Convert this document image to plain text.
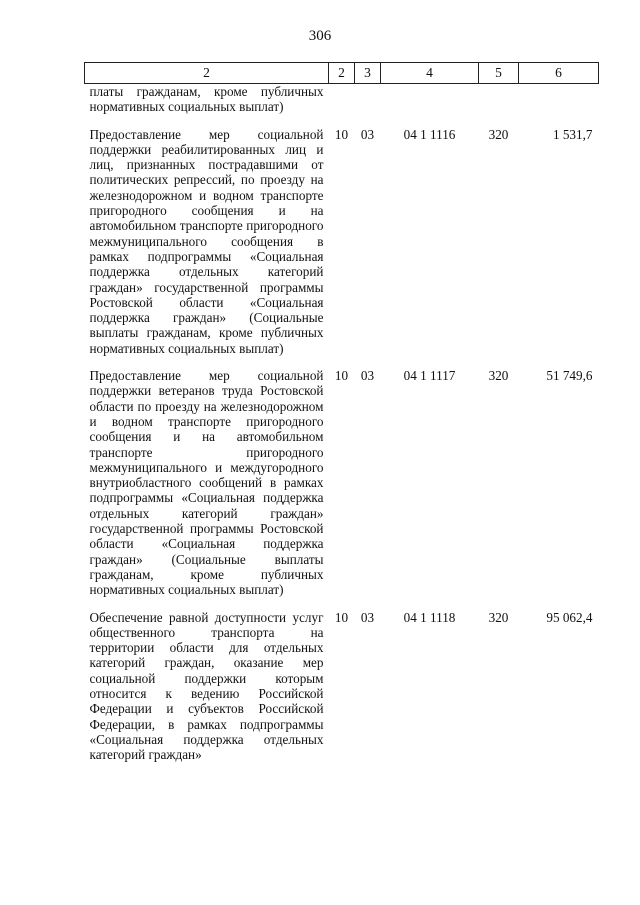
306
2	2	3	4	5	6
платы гражданам, кроме публичных нормативных социальных выплат)					
Предоставление мер социальной поддержки реабилитированных лиц и лиц, признанных пострадавшими от политических репрессий, по проезду на железнодорожном и водном транспорте пригородного сообщения и на автомобильном транспорте пригородного межмуниципального сообщения в рамках подпрограммы «Социальная поддержка отдельных категорий граждан» государственной программы Ростовской области «Социальная поддержка граждан» (Социальные выплаты гражданам, кроме публичных нормативных социальных выплат)	10	03	04 1 1116	320	1 531,7
Предоставление мер социальной поддержки ветеранов труда Ростовской области по проезду на железнодорожном и водном транспорте пригородного сообщения и на автомобильном транспорте пригородного межмуниципального и междугородного внутриобластного сообщений в рамках подпрограммы «Социальная поддержка отдельных категорий граждан» государственной программы Ростовской области «Социальная поддержка граждан» (Социальные выплаты гражданам, кроме публичных нормативных социальных выплат)	10	03	04 1 1117	320	51 749,6
Обеспечение равной доступности услуг общественного транспорта на территории области для отдельных категорий граждан, оказание мер социальной поддержки которым относится к ведению Российской Федерации и субъектов Российской Федерации, в рамках подпрограммы «Социальная поддержка отдельных категорий граждан»	10	03	04 1 1118	320	95 062,4
